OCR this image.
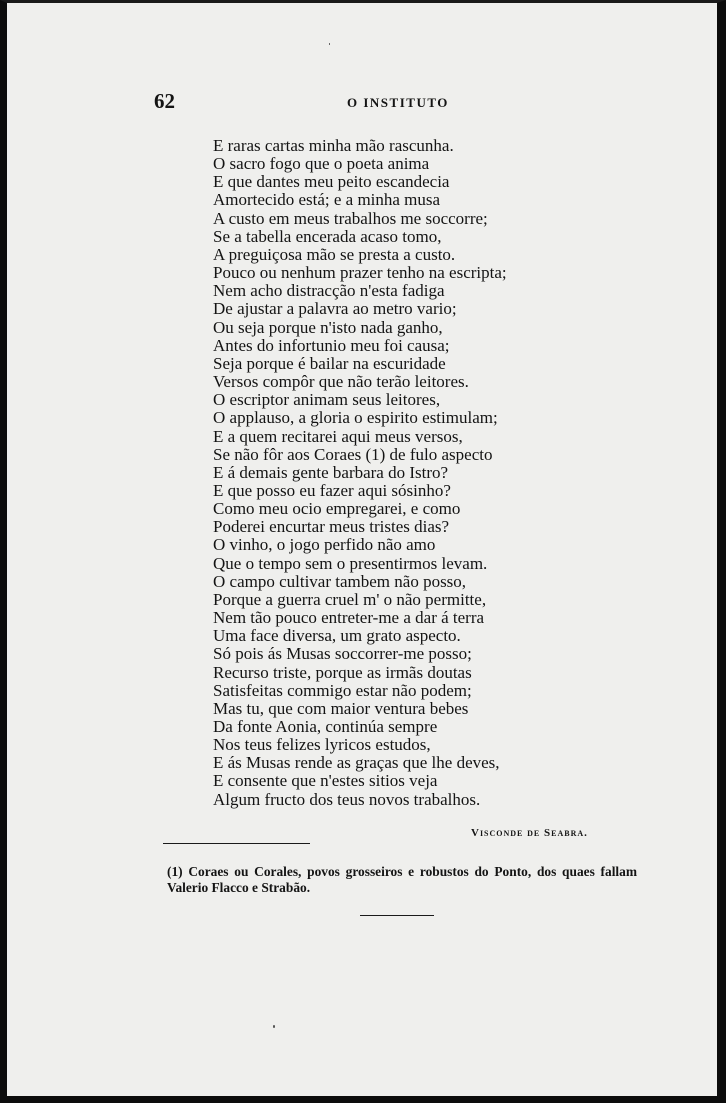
62	O INSTITUTO
E raras cartas minha mão rascunha.
O sacro fogo que o poeta anima
E que dantes meu peito escandecia
Amortecido está; e a minha musa
A custo em meus trabalhos me soccorre;
Se a tabella encerada acaso tomo,
A preguiçosa mão se presta a custo.
Pouco ou nenhum prazer tenho na escripta;
Nem acho distracção n'esta fadiga
De ajustar a palavra ao metro vario;
Ou seja porque n'isto nada ganho,
Antes do infortunio meu foi causa;
Seja porque é bailar na escuridade
Versos compôr que não terão leitores.
O escriptor animam seus leitores,
O applauso, a gloria o espirito estimulam;
E a quem recitarei aqui meus versos,
Se não fôr aos Coraes (1) de fulo aspecto
E á demais gente barbara do Istro?
E que posso eu fazer aqui sósinho?
Como meu ocio empregarei, e como
Poderei encurtar meus tristes dias?
O vinho, o jogo perfido não amo
Que o tempo sem o presentirmos levam.
O campo cultivar tambem não posso,
Porque a guerra cruel m' o não permitte,
Nem tão pouco entreter-me a dar á terra
Uma face diversa, um grato aspecto.
Só pois ás Musas soccorrer-me posso;
Recurso triste, porque as irmãs doutas
Satisfeitas commigo estar não podem;
Mas tu, que com maior ventura bebes
Da fonte Aonia, continúa sempre
Nos teus felizes lyricos estudos,
E ás Musas rende as graças que lhe deves,
E consente que n'estes sitios veja
Algum fructo dos teus novos trabalhos.
Visconde de Seabra.
(1) Coraes ou Corales, povos grosseiros e robustos do Ponto, dos quaes fallam Valerio Flacco e Strabão.
